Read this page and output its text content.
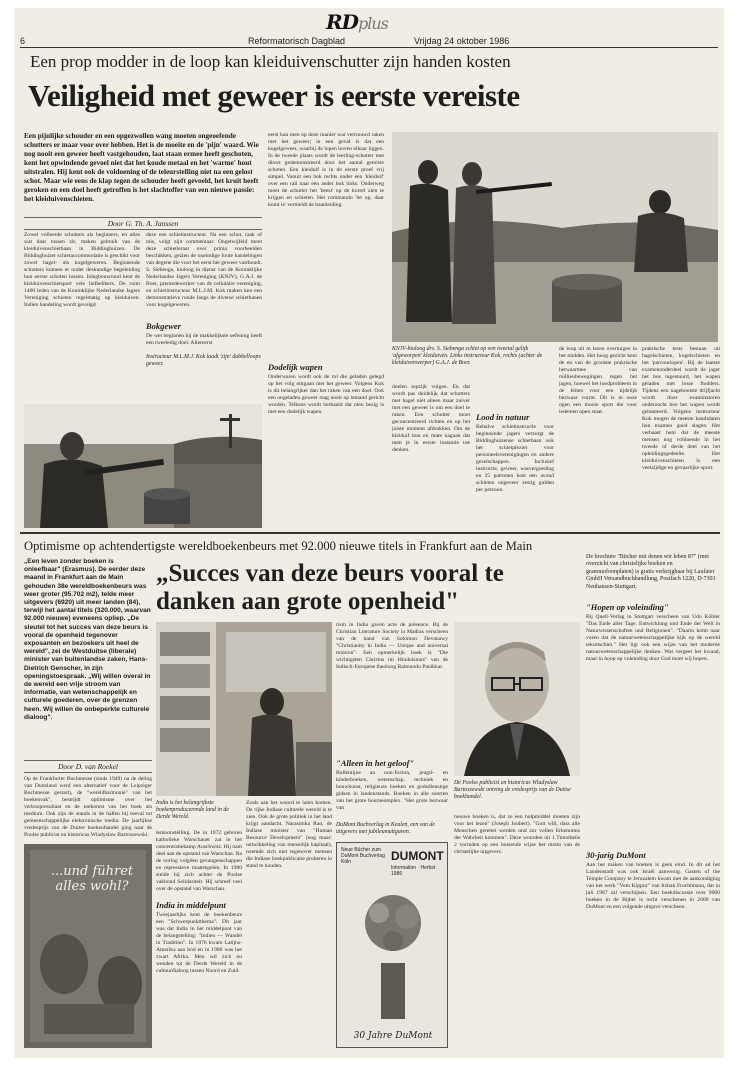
RDplus
6	Reformatorisch Dagblad	Vrijdag 24 oktober 1986
Een prop modder in de loop kan kleiduivenschutter zijn handen kosten
Veiligheid met geweer is eerste vereiste
Een pijnlijke schouder en een opgezwollen wang moeten ongeoefende schutters er maar voor over hebben. Het is de moeite en de 'pijn' waard. Wie nog nooit een geweer heeft vastgehouden, laat staan ermee heeft geschoten, kent het opwindende gevoel niet dat het koude metaal en het 'warme' hout uitstralen. Hij kent ook de voldoening of de teleurstelling niet na een gelost schot. Maar wie eens de klap tegen de schouder heeft gevoeld, het kruit heeft geroken en een doel heeft getroffen is het slachtoffer van een nieuwe passie: het kleiduivenschieten.
Door G. Th. A. Janssen
Zowel volleerde schutters als beginners, en alles wat daar tussen zit, maken gebruik van de kleiduivenschietbaan in Biddinghuizen. De Biddinghuizer schietaccommodatie is geschikt voor zowel hagel- als kogelgeweren. Beginnende schutters kunnen er onder deskundige begeleiding hun eerste schoten lossen. Inlegbouwrond kent de kleiduivenschietsport vele liefhebbers. De ruim 1400 leden van de Koninklijke Nederlandse Jagers Vereniging schieten regelmatig op kleiduiven. Indien handeling wordt gevolgd
deze een schietinstructeur. Na een schot, raak of mis, volgt zijn commentaar. Ongetwijfeld moet deze schietleraar over prima voorbeelden beschikken, gezien de oneindige foute handelingen van degene die voor het eerst het geweer vasthoudt. S. Siebenga, bioloog in dienst van de Koninklijke Nederlandse Jagers Vereniging (KNJV), G.A.J. de Boer, premedewerker van de cellulaire vereniging, en schietinstructeur M.L.J.M. Kok maken ken een demonstratieve ronde langs de diverse schietbanen voor kogelgeweren.
Bokgewer
De wet beginnen bij de makkelijkste oefening heeft een tweeledig doel. Allereerst
Instructeur M.L.M.J. Kok laadt 'zijn' dubbelloops geweer.
eerst kan men op deze manier wat vertrouwd raken met het geweer; in een geval is dat een kogelgeweer, waarbij de lopen boven elkaar liggen. In de tweede plaats wordt de leerling-schutter met direct gedemonstreerd door het aantal gemiste schoten. Een kleiduif is in de eerste proef vrij simpel. Vanuit een hok rechts onder een 'kleiduif' over een rail naar een ander hok links. Onderweg moet de schutter het 'beest' op de korrel zien te krijgen en schieten. Het commando 'let op, daar komt ie' vermeldt de baanleiding.
Dodelijk wapen
Onderwaren wordt ook de rol die geladen gelegd op het volg omgaan met het geweer. Volgens Kok is dit belangrijker dan het raken van een doel. Ook een ongeladen geweer mag nooit op iemand gericht worden. Telkens wordt herhaald dat men bezig is met een dodelijk wapen.
KNJV-bioloog drs. S. Siebenga schiet op een tweetal gelijk 'afgeworpen' kleiduiven. Links instructeur Kok, rechts (achter de kleiduivenwerper) G.A.J. de Boer.
doelen topzijk volgen. En dat wordt pas duidelijk dat schutters met hagel niet alleen maar zuiver met een geweer is om een doel te raken. Een schutter moet geconcentreerd richten en op het juiste moment afdrukken. Om de kleiduif kun en mate nagaan dat men je in eerste instantie toe denken.
de loop uit m lezen overtuigen in het midden. Het hoog gezicht kent de en van de grootste praktische hetwaarmee van millieubewegingen tegen het jagen, hoewel het loodprobleem in de feiten voor een tijdelijk bezwaar vormt. Dit is in onze ogen een mooie sport die voor iedereen open staat.
praktische tests bestaan uit hagelschieten, kogelschieten en het 'parcourlopen'. Bij de laatste examenonderdeel wordt de jager het bos ingestuurd, het wapen geladen met losse flodders. Tijdens een nagebootste drijfjacht wordt door examinatoren onderzocht hoe het wapen wordt gehanteerd. Volgens instructeur Kok mogen de meeste kandidaten hun examen goed slagen. Het verbaast hem dat de meeste mensen nog voldoende in het tweede of derde deel van het opleidingsgedeelte. Het kleiduivenschieten is een veelzijdige en gevaarlijke sport.
Lood in natuur
Behalve schietinstructie voor beginnende jagers verzorgt de Biddinghuizense schietbaan ook het schietplezier voor personeelsverenigingen en andere gezelschappen. Inclusief instructie, geweer, wasvergoeding en 25 patronen kost een avond schieten ongeveer zestig gulden per persoon.
Optimisme op achtendertigste wereldboekenbeurs met 92.000 nieuwe titels in Frankfurt aan de Main
„Een leven zonder boeken is onleefbaar" (Erasmus). De eerder deze maand in Frankfurt aan de Main gehouden 38e wereldboekenbeurs was weer groter (95.702 m2), telde meer uitgevers (6920) uit meer landen (84), terwijl het aantal titels (320.000, waarvan 92.000 nieuwe) eveneens opliep. „De sleutel tot het succes van deze beurs is vooral de openheid tegenover exposanten en bezoekers uit heel de wereld", zei de Westduitse (liberale) minister van buitenlandse zaken, Hans-Dietrich Genscher, in zijn openingstoespraak. „Wij willen overal in de wereld een vrije stroom van informatie, van wetenschappelijk en culturele goederen, over de grenzen heen. Wij willen de onbeperkte culturele dialoog".
Door D. van Roekel
Op de Frankfurter Buchmesse (sinds 1949) na de deling van Duitsland werd een alternatief voor de Leipziger Buchmesse gestart), de "wereldharmonie" van het boekenvak", bestrijdt optimisme over het verkoopresultaat en de toekomst van het boek als medium. Ook zijn de stands in de hallen bij toeval tot gemeenschappelijke elektronische media. De jaarlijkse vredesprijs van de Duitse boekenhandel ging naar de Poolse publicist en historicus Wladyslaw Bartoszewski.
...und führet alles wohl?
„Succes van deze beurs vooral te danken aan grote openheid"
India is het belangrijkste boekenproducerende land in de Derde Wereld.
tentoonstelling. De in 1972 geboren katholieke Warschauer zat in het concentratiekamp Auschwitz. Hij nam deel aan de opstand van Warschau. Na de oorlog volgden gevangenschappen en repressieve maatregelen. In 1980 stelde hij zich achter de Poolse vakbond Solidariteit. Hij schreef veel over de opstand van Warschau.
India in middelpunt
Tweejaarlijks kent de boekenbeurs een "Schwerpunktthema". Dit jaar was dat India in het middelpunt van de belangstelling: "Indien — Wandel in Tradition". In 1976 kwam Latijns-Amerika aan bod en in 1980 was het zwart Afrika. Men wil zich nu wenden tot de Derde Wereld in de cultuurdialoog tussen Noord en Zuid.
Zoals aan het woord te laten komen. De rijke Indiase culturele wereld is te zien. Ook de grote politiek in het land krijgt aandacht. Narasimha Rao, de Indiase minister van "Human Resource Development" (nog maar: ontwikkeling van menselijk kapitaal), noemde zich niet tegenover mensen die Indiase boekpublicatie proberen in stand te houden.
rism in India gaven acte de présence. Bij de Christian Literature Society in Madras verscheen van de hand van Solomon Devanawy "Christianity in India — Unique and universal mission". Een opmerkelijk boek is "Die wichtigsten Christus im Hinduismus" van de Indisch-Europese theoloog Raimundo Panikkar.
"Alleen in het geloof"
Bullentijne an non-fiction, jeugd- en kinderboeken, wetenschap, techniek en bouwkunst, religieuze boeken en godsdienstige gidsen in landenstands. Boeken in alle soorten van het grote bourneomplex. "Het grote bezwaar van
DuMont Buchverlag in Keulen, een van de uitgevers met jubileumuitgaven.
Neue Bücher zum DuMont Buchverlag Köln	DUMONT
Information · Herbst 1986
30 Jahre DuMont
De Poolse publicist en historicus Wladyslaw Bartoszewski ontving de vredesprijs van de Duitse boekhandel.
nieuwe boeken is, dat ze een hulpmiddel moeten zijn voor het lezen" (Joseph Joubert). "Gott will, dass alle Menschen gerettet werden und zur vollen Erkenntnis der Wahrheit kommen". Deze woorden uit 1 Timotheüs 2 vormden op een boeiende wijze het motto van de christelijke uitgevers.
De brochure "Bücher mit denen wir leben 87" (met overzicht van christelijke boeken en grammofoonplaten) is gratis verkrijgbaar bij Laufaier GmbH Versandbuchhandlung, Postfach 1220, D-7303 Neuhausen-Stuttgart.
"Hopen op voleinding"
Bij Quell-Verlag in Stuttgart verscheen van Udo Köhler "Das Ende aller Tage. Entwicklung und Ende der Welt in Naturwissenschaften und Religionen". "Daarin komt naar voren dat de natuurwetenschappelijke kijk op de wereld tekortschiet." Het ligt ook een wijze van het moderne natuurwetenschappelijke denken. Wat vergeet het kwaad, maar in hoop op voleinding door God moet wij hopen.
30-jarig DuMont
Aan het maken van boeken is geen eind. In dit ad het Landenstadt was ook Israël aanwezig. Gasten of the Temple Company te Jeruzalem kwam met de aankondiging van het werk "Vom Kippur" van Itzhak Fruchtmann, dat in juli 1987 zal verschijnen. Een boekdiscussie over 9000 boeken in de Bijbel is recht verschenen in 2000 van DuMont en een volgende uitgave verscheen.
